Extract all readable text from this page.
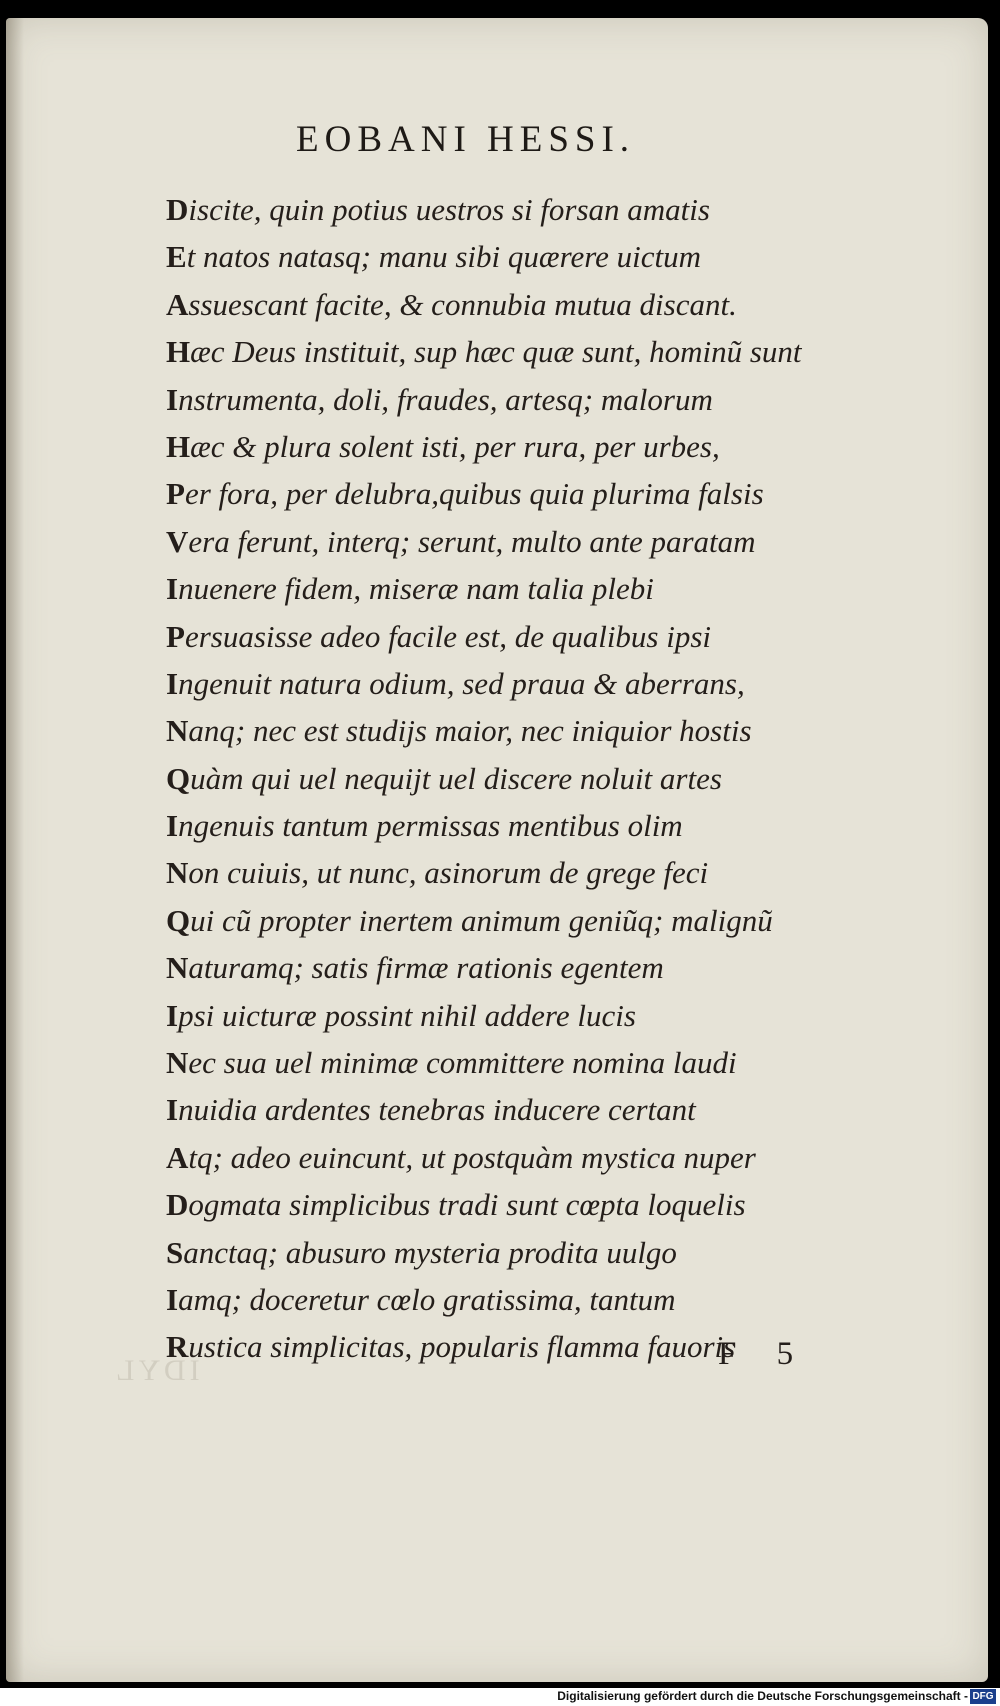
EOBANI HESSI.
Discite, quin potius uestros si forsan amatis
Et natos natasq; manu sibi quærere uictum
Assuescant facite, & connubia mutua discant.
Hæc Deus instituit, sup hæc quæ sunt, hominũ sunt
Instrumenta, doli, fraudes, artesq; malorum
Hæc & plura solent isti, per rura, per urbes,
Per fora, per delubra,quibus quia plurima falsis
Vera ferunt, interq; serunt, multo ante paratam
Inuenere fidem, miseræ nam talia plebi
Persuasisse adeo facile est, de qualibus ipsi
Ingenuit natura odium, sed praua & aberrans,
Nanq; nec est studijs maior, nec iniquior hostis
Quàm qui uel nequijt uel discere noluit artes
Ingenuis tantum permissas mentibus olim
Non cuiuis, ut nunc, asinorum de grege feci
Qui cũ propter inertem animum geniũq; malignũ
Naturamq; satis firmæ rationis egentem
Ipsi uicturæ possint nihil addere lucis
Nec sua uel minimæ committere nomina laudi
Inuidia ardentes tenebras inducere certant
Atq; adeo euincunt, ut postquàm mystica nuper
Dogmata simplicibus tradi sunt cœpta loquelis
Sanctaq; abusuro mysteria prodita uulgo
Iamq; doceretur cœlo gratissima, tantum
Rustica simplicitas, popularis flamma fauoris
IDYL	F 5
Digitalisierung gefördert durch die Deutsche Forschungsgemeinschaft - DFG
